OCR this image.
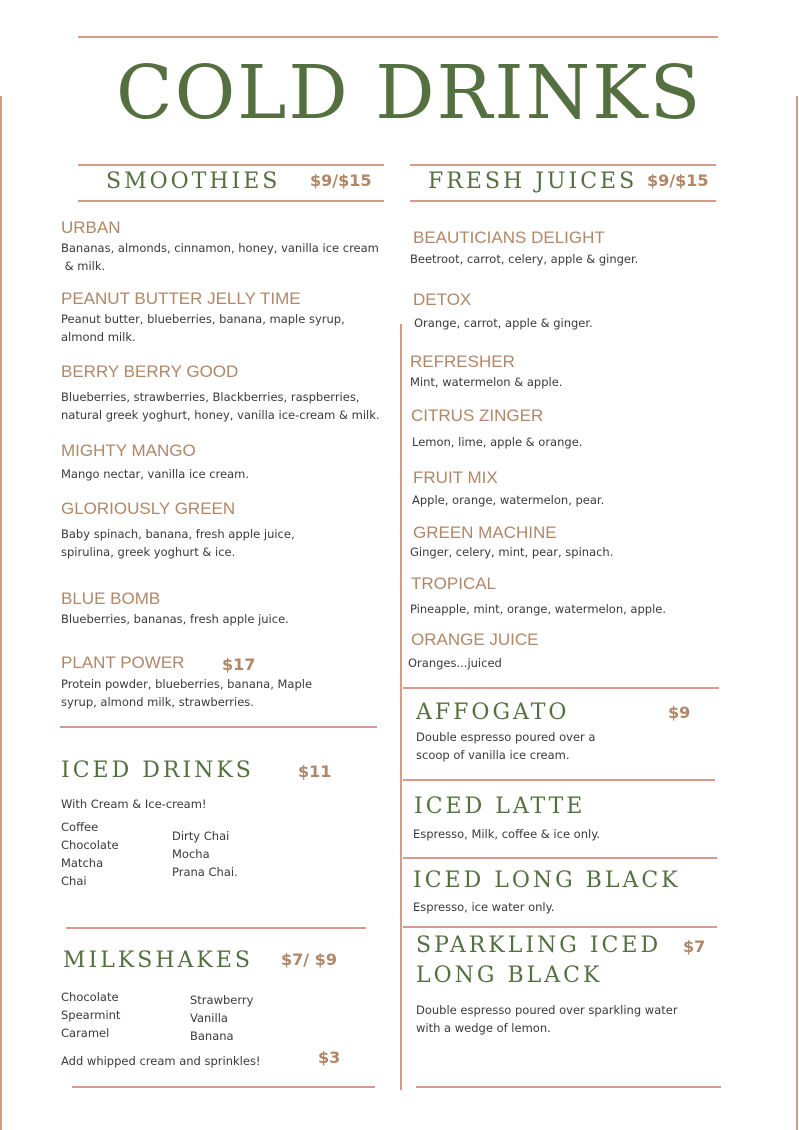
COLD DRINKS
SMOOTHIES $9/$15
URBAN
Bananas, almonds, cinnamon, honey, vanilla ice cream
& milk.
PEANUT BUTTER JELLY TIME
Peanut butter, blueberries, banana, maple syrup,
almond milk.
BERRY BERRY GOOD
Blueberries, strawberries, Blackberries, raspberries,
natural greek yoghurt, honey, vanilla ice-cream & milk.
MIGHTY MANGO
Mango nectar, vanilla ice cream.
GLORIOUSLY GREEN
Baby spinach, banana, fresh apple juice,
spirulina, greek yoghurt & ice.
BLUE BOMB
Blueberries, bananas, fresh apple juice.
PLANT POWER $17
Protein powder, blueberries, banana, Maple
syrup, almond milk, strawberries.
ICED DRINKS	$11
With Cream & Ice-cream!
Coffee
Chocolate
Matcha
Chai
Dirty Chai
Mocha
Prana Chai.
MILKSHAKES $7/ $9
Chocolate
Spearmint
Caramel
Strawberry
Vanilla
Banana
Add whipped cream and sprinkles!	$3
FRESH JUICES $9/$15
BEAUTICIANS DELIGHT
Beetroot, carrot, celery, apple & ginger.
DETOX
Orange, carrot, apple & ginger.
REFRESHER
Mint, watermelon & apple.
CITRUS ZINGER
Lemon, lime, apple & orange.
FRUIT MIX
Apple, orange, watermelon, pear.
GREEN MACHINE
Ginger, celery, mint, pear, spinach.
TROPICAL
Pineapple, mint, orange, watermelon, apple.
ORANGE JUICE
Oranges...juiced
AFFOGATO	$9
Double espresso poured over a
scoop of vanilla ice cream.
ICED LATTE
Espresso, Milk, coffee & ice only.
ICED LONG BLACK
Espresso, ice water only.
SPARKLING ICED
LONG BLACK
$7
Double espresso poured over sparkling water
with a wedge of lemon.
